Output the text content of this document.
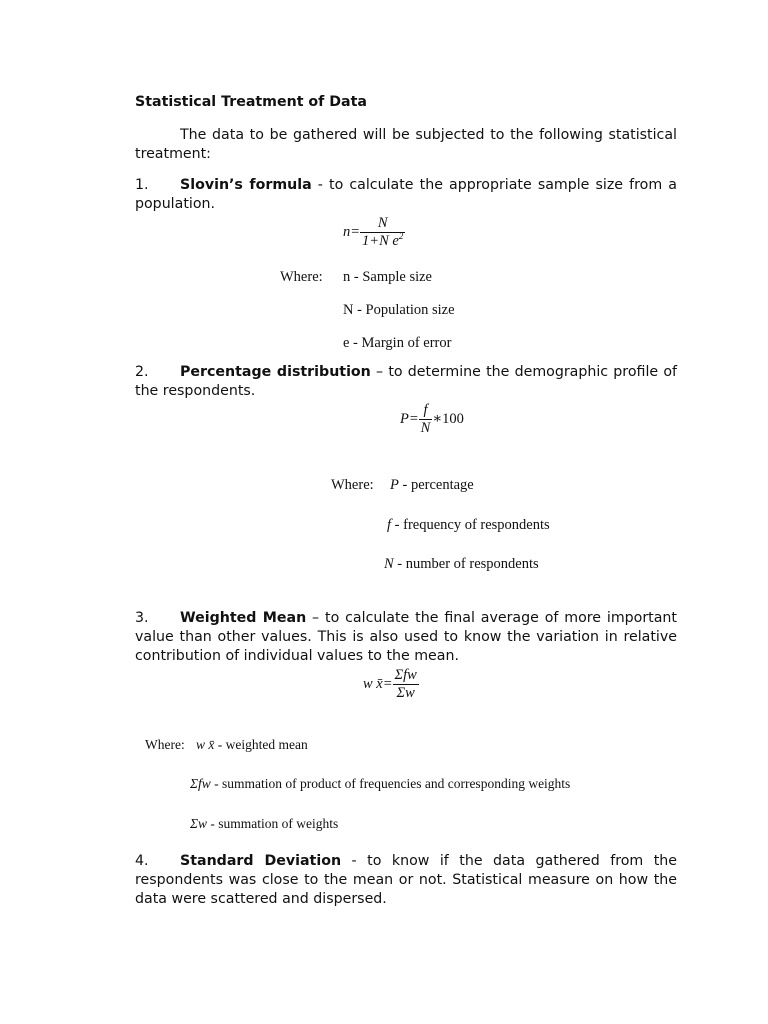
Statistical Treatment of Data
The data to be gathered will be subjected to the following statistical treatment:
1. Slovin’s formula - to calculate the appropriate sample size from a population.
$n= \frac{N}{1+N e^2}$
Where: n - Sample size
N - Population size
e - Margin of error
2. Percentage distribution – to determine the demographic profile of the respondents.
$P= \frac{f}{N}$ ∗100
Where: P - percentage
f - frequency of respondents
N - number of respondents
3. Weighted Mean – to calculate the final average of more important value than other values. This is also used to know the variation in relative contribution of individual values to the mean.
w x̄= $\frac{\text{Σfw}}{\Sigma w}$
Where: w x̄ - weighted mean
Σfw - summation of product of frequencies and corresponding weights
Σw - summation of weights
4. Standard Deviation - to know if the data gathered from the respondents was close to the mean or not. Statistical measure on how the data were scattered and dispersed.
